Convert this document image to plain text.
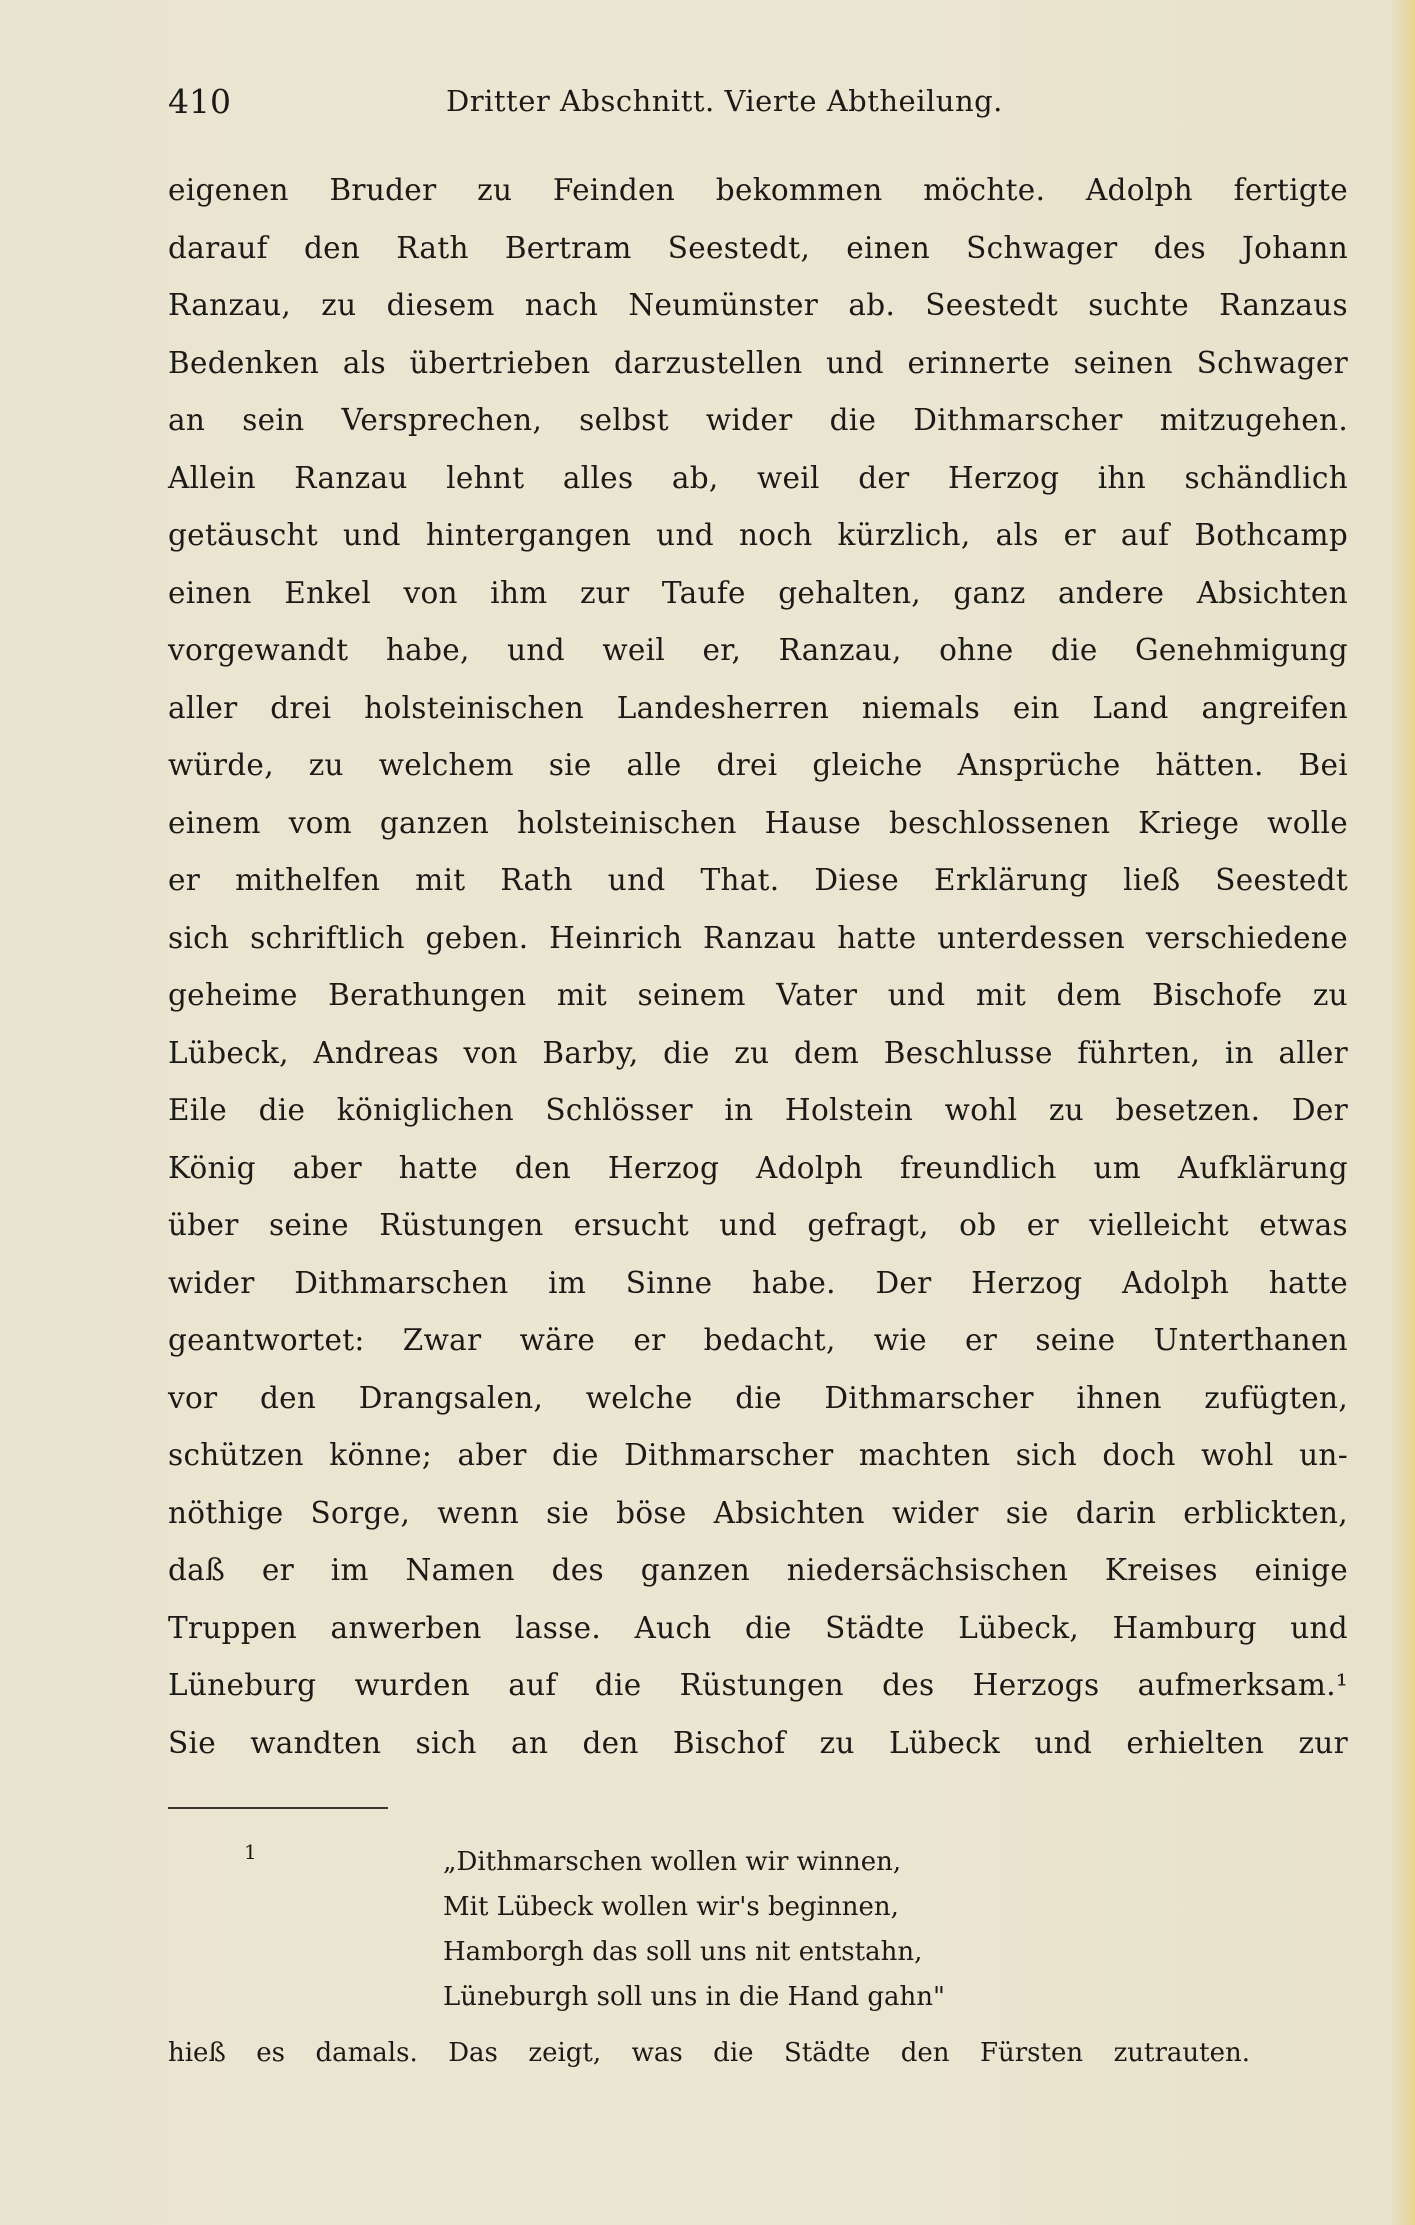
410	Dritter Abschnitt. Vierte Abtheilung.
eigenen Bruder zu Feinden bekommen möchte. Adolph fertigte
darauf den Rath Bertram Seestedt, einen Schwager des Johann
Ranzau, zu diesem nach Neumünster ab. Seestedt suchte Ranzaus
Bedenken als übertrieben darzustellen und erinnerte seinen Schwager
an sein Versprechen, selbst wider die Dithmarscher mitzugehen.
Allein Ranzau lehnt alles ab, weil der Herzog ihn schändlich
getäuscht und hintergangen und noch kürzlich, als er auf Bothcamp
einen Enkel von ihm zur Taufe gehalten, ganz andere Absichten
vorgewandt habe, und weil er, Ranzau, ohne die Genehmigung
aller drei holsteinischen Landesherren niemals ein Land angreifen
würde, zu welchem sie alle drei gleiche Ansprüche hätten. Bei
einem vom ganzen holsteinischen Hause beschlossenen Kriege wolle
er mithelfen mit Rath und That. Diese Erklärung ließ Seestedt
sich schriftlich geben. Heinrich Ranzau hatte unterdessen verschiedene
geheime Berathungen mit seinem Vater und mit dem Bischofe zu
Lübeck, Andreas von Barby, die zu dem Beschlusse führten, in aller
Eile die königlichen Schlösser in Holstein wohl zu besetzen. Der
König aber hatte den Herzog Adolph freundlich um Aufklärung
über seine Rüstungen ersucht und gefragt, ob er vielleicht etwas
wider Dithmarschen im Sinne habe. Der Herzog Adolph hatte
geantwortet: Zwar wäre er bedacht, wie er seine Unterthanen
vor den Drangsalen, welche die Dithmarscher ihnen zufügten,
schützen könne; aber die Dithmarscher machten sich doch wohl un-
nöthige Sorge, wenn sie böse Absichten wider sie darin erblickten,
daß er im Namen des ganzen niedersächsischen Kreises einige
Truppen anwerben lasse. Auch die Städte Lübeck, Hamburg und
Lüneburg wurden auf die Rüstungen des Herzogs aufmerksam.¹
Sie wandten sich an den Bischof zu Lübeck und erhielten zur
1	„Dithmarschen wollen wir winnen,
Mit Lübeck wollen wir's beginnen,
Hamborgh das soll uns nit entstahn,
Lüneburgh soll uns in die Hand gahn"
hieß es damals. Das zeigt, was die Städte den Fürsten zutrauten.
